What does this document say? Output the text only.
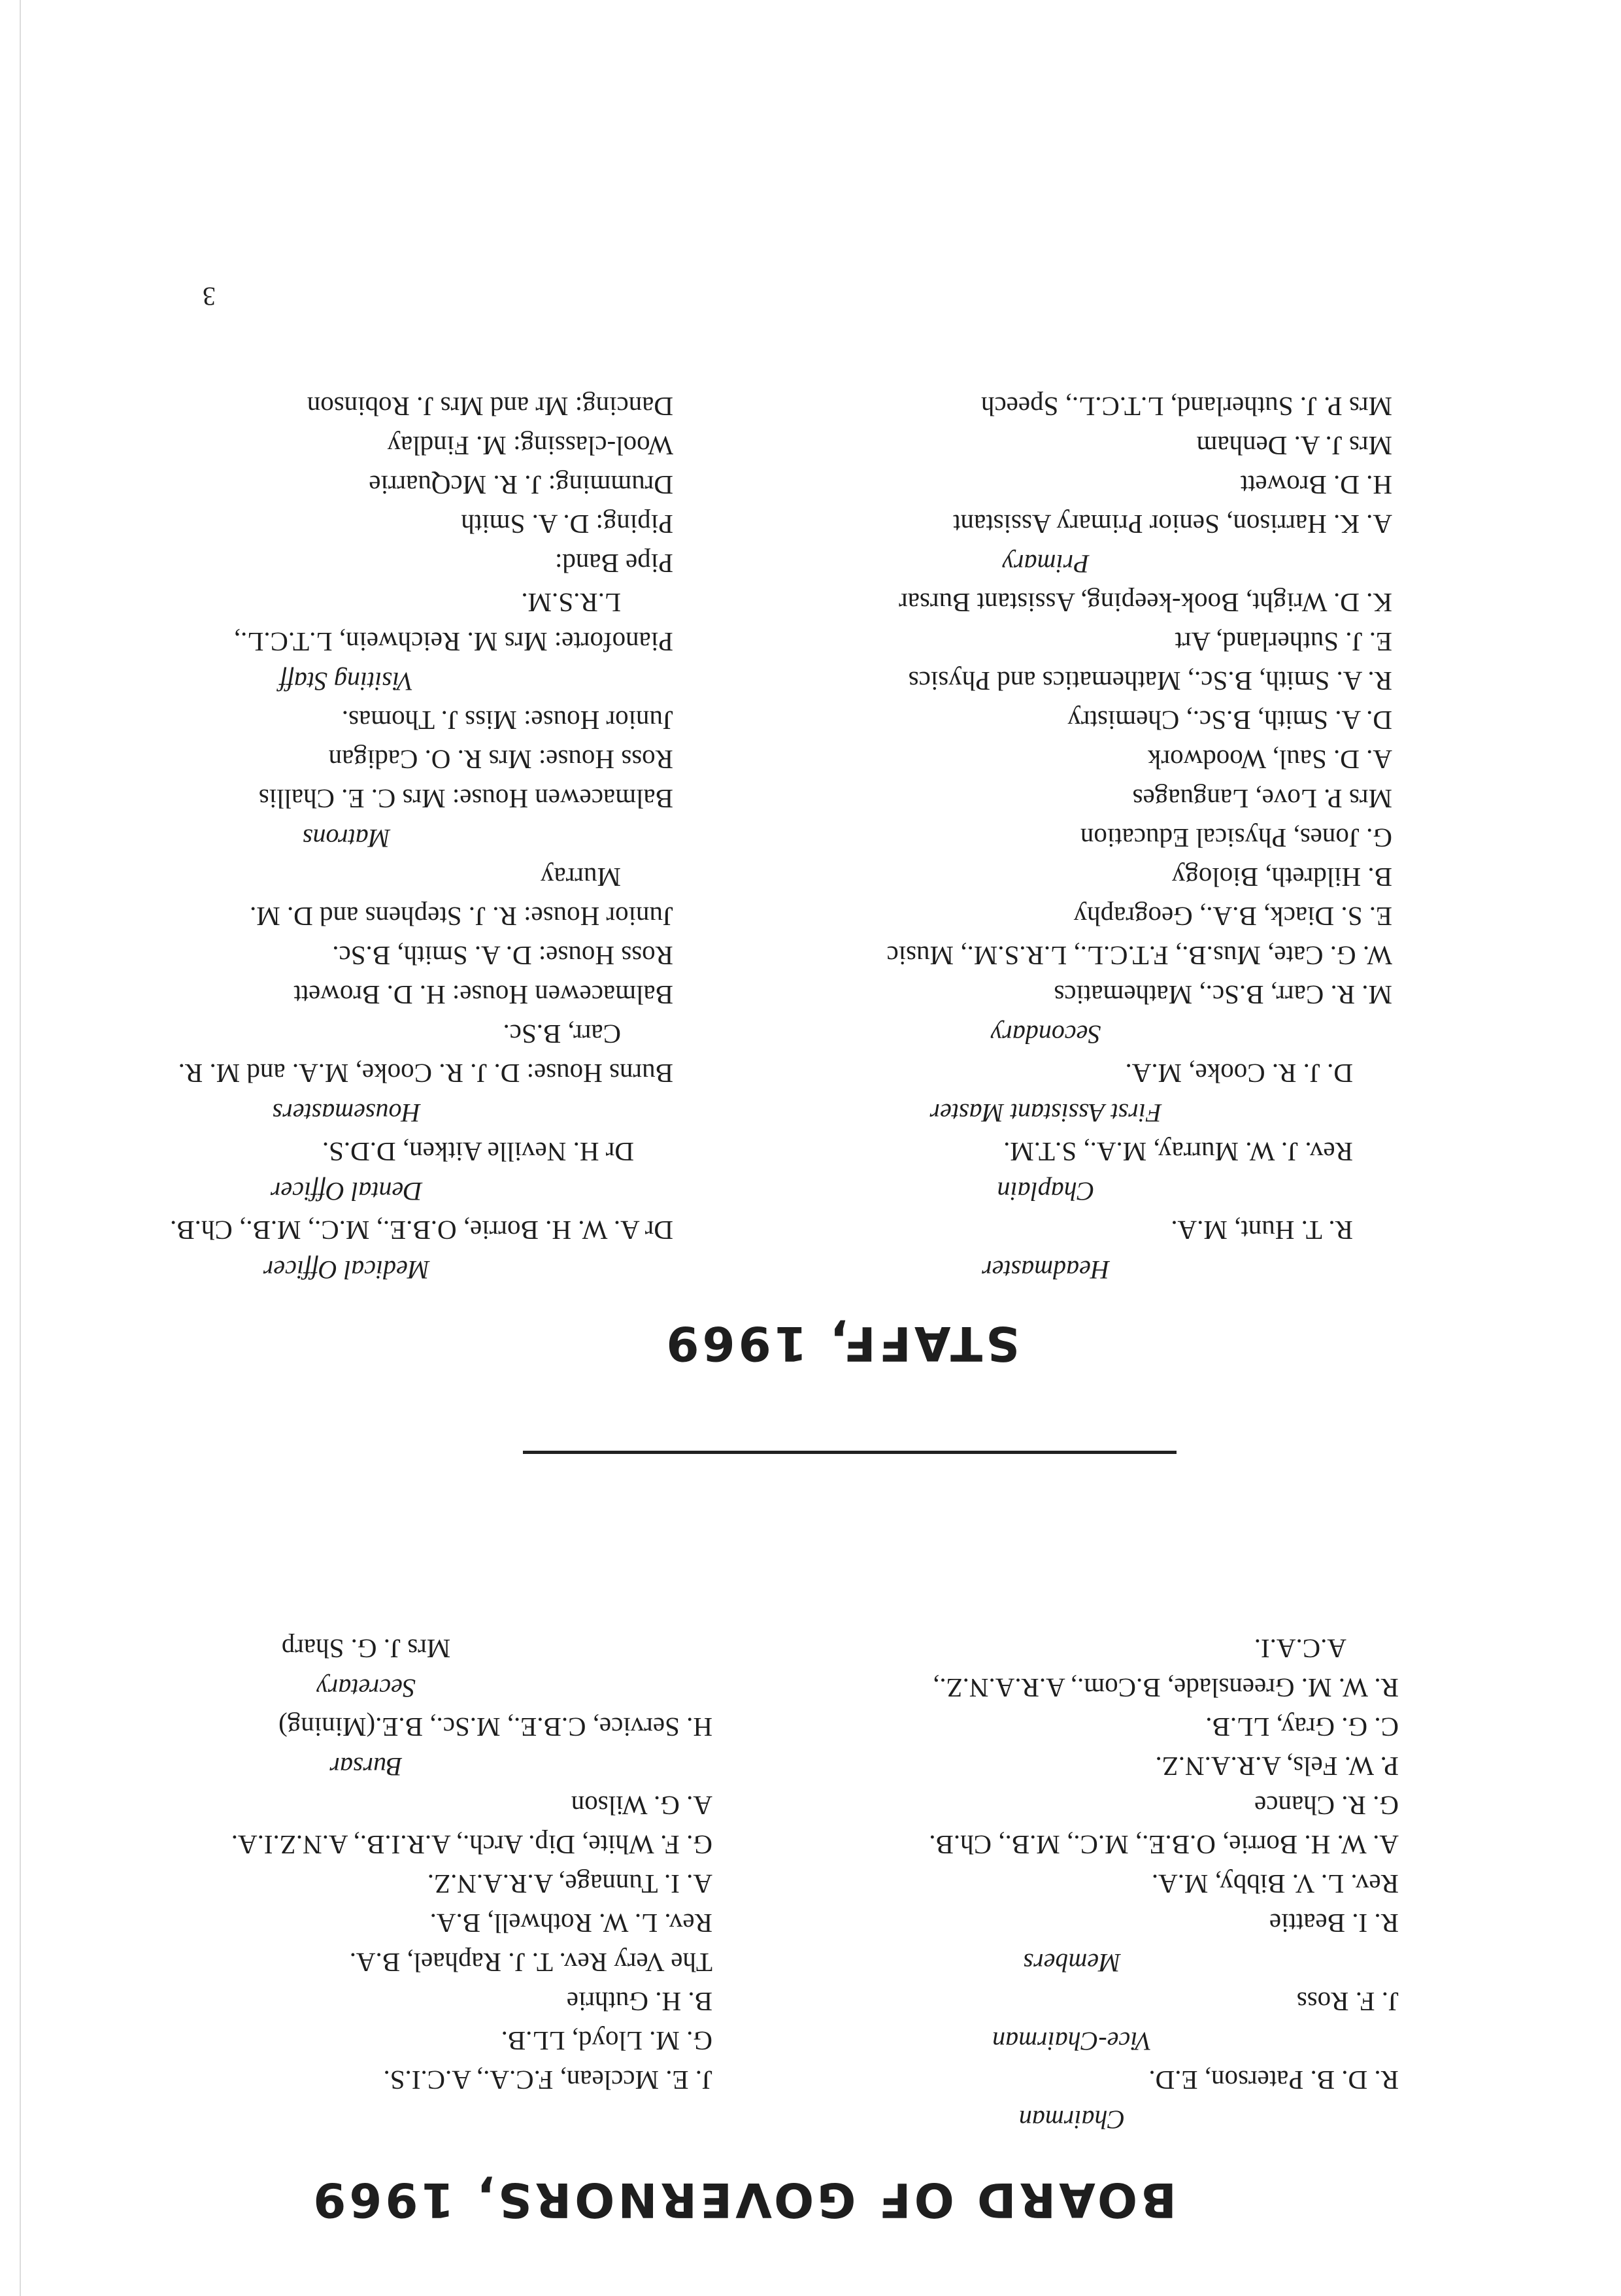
BOARD OF GOVERNORS, 1969

Chairman

R. D. B. Paterson, E.D.

Vice-Chairman

J. F. Ross

Members

R. I. Beattie

Rev. L. V. Bibby, M.A.

A. W. H. Borrie, O.B.E., M.C., M.B., Ch.B.

G. R. Chance

P. W. Fels, A.R.A.N.Z.

C. G. Gray, LL.B.

R. W. M. Greenslade, B.Com., A.R.A.N.Z.,

A.C.A.I.

J. E. Mcclean, F.C.A., A.C.I.S.

G. M. Lloyd, LL.B.

B. H. Guthrie

The Very Rev. T. J. Raphael, B.A.

Rev. L. W. Rothwell, B.A.

A. I. Tunnage, A.R.A.N.Z.

G. F. White, Dip. Arch., A.R.I.B., A.N.Z.I.A.

A. G. Wilson

Bursar

H. Service, C.B.E., M.Sc., B.E.(Mining)

Secretary

Mrs J. G. Sharp

STAFF, 1969

Headmaster

R. T. Hunt, M.A.

Chaplain

Rev. J. W. Murray, M.A., S.T.M.

First Assistant Master

D. J. R. Cooke, M.A.

Secondary

M. R. Carr, B.Sc., Mathematics

W. G. Cate, Mus.B., F.T.C.L., L.R.S.M., Music

E. S. Diack, B.A., Geography

B. Hildreth, Biology

G. Jones, Physical Education

Mrs P. Love, Languages

A. D. Saul, Woodwork

D. A. Smith, B.Sc., Chemistry

R. A. Smith, B.Sc., Mathematics and Physics

E. J. Sutherland, Art

K. D. Wright, Book-keeping, Assistant Bursar

Primary

A. K. Harrison, Senior Primary Assistant

H. D. Browett

Mrs J. A. Denham

Mrs P. J. Sutherland, L.T.C.L., Speech

Medical Officer

Dr A. W. H. Borrie, O.B.E., M.C., M.B., Ch.B.

Dental Officer

Dr H. Neville Aitken, D.D.S.

Housemasters

Burns House: D. J. R. Cooke, M.A. and M. R.

Carr, B.Sc.

Balmacewen House: H. D. Browett

Ross House: D. A. Smith, B.Sc.

Junior House: R. J. Stephens and D. M.

Murray

Matrons

Balmacewen House: Mrs C. E. Challis

Ross House: Mrs R. O. Cadigan

Junior House: Miss J. Thomas.

Visiting Staff

Pianoforte: Mrs M. Reichwein, L.T.C.L.,

L.R.S.M.

Pipe Band:

Piping: D. A. Smith

Drumming: J. R. McQuarrie

Wool-classing: M. Findlay

Dancing: Mr and Mrs J. Robinson

3
